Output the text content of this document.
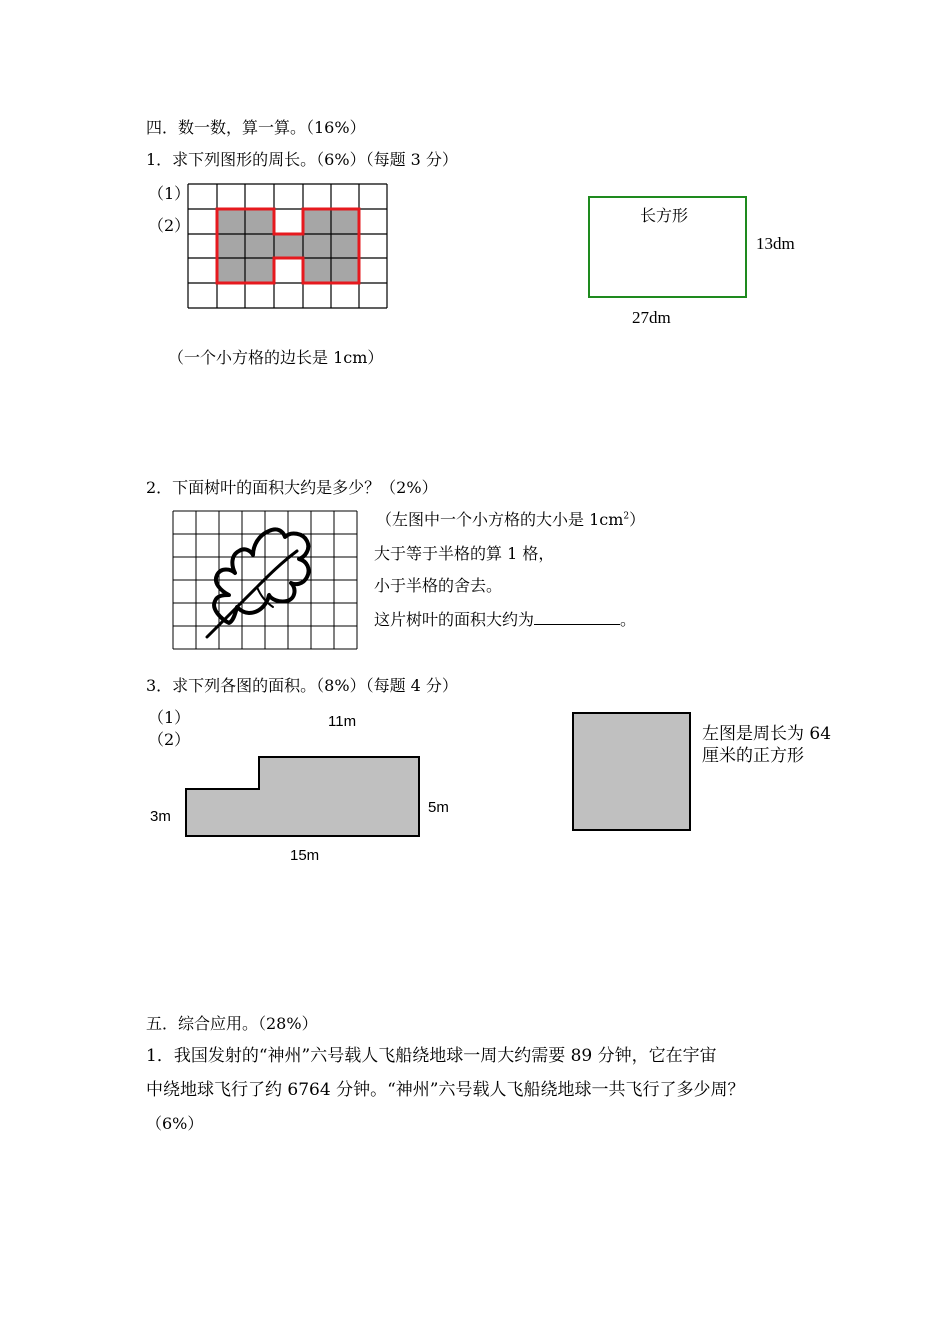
四．数一数，算一算。（16%）
1．求下列图形的周长。（6%）（每题 3 分）
（1）
（2）
长方形
13dm
27dm
（一个小方格的边长是 1cm）
2．下面树叶的面积大约是多少？（2%）
（左图中一个小方格的大小是 $1cm^2$）
大于等于半格的算 1 格，
小于半格的舍去。
这片树叶的面积大约为	。
3．求下列各图的面积。（8%）（每题 4 分）
（1）
（2）
11m
3m
5m
15m
左图是周长为 64
厘米的正方形
五．综合应用。（28%）
1．我国发射的“神州”六号载人飞船绕地球一周大约需要 89 分钟，它在宇宙
中绕地球飞行了约 6764 分钟。“神州”六号载人飞船绕地球一共飞行了多少周？
（6%）
